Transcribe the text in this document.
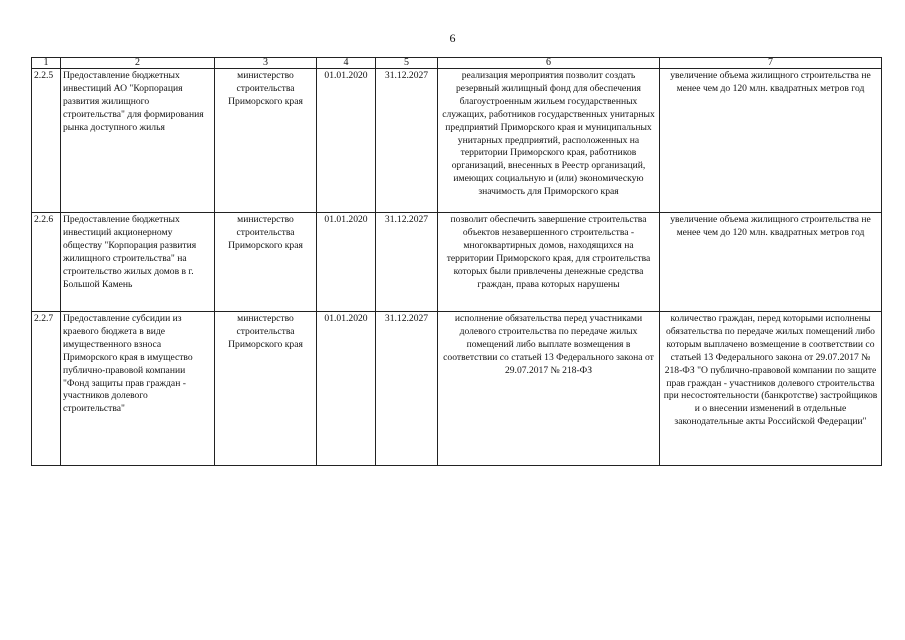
6
1	2	3	4	5	6	7
2.2.5	Предоставление бюджетных инвестиций АО "Корпорация развития жилищного строительства" для формирования рынка доступного жилья	министерство строительства Приморского края	01.01.2020	31.12.2027	реализация мероприятия позволит создать резервный жилищный фонд для обеспечения благоустроенным жильем государственных служащих, работников государственных унитарных предприятий Приморского края и муниципальных унитарных предприятий, расположенных на территории Приморского края, работников организаций, внесенных в Реестр организаций, имеющих социальную и (или) экономическую значимость для Приморского края	увеличение объема жилищного строительства не менее чем до 120 млн. квадратных метров год
2.2.6	Предоставление бюджетных инвестиций акционерному обществу "Корпорация развития жилищного строительства" на строительство жилых домов в г. Большой Камень	министерство строительства Приморского края	01.01.2020	31.12.2027	позволит обеспечить завершение строительства объектов незавершенного строительства - многоквартирных домов, находящихся на территории Приморского края, для строительства которых были привлечены денежные средства граждан, права которых нарушены	увеличение объема жилищного строительства не менее чем до 120 млн. квадратных метров год
2.2.7	Предоставление субсидии из краевого бюджета в виде имущественного взноса Приморского края в имущество публично-правовой компании "Фонд защиты прав граждан - участников долевого строительства"	министерство строительства Приморского края	01.01.2020	31.12.2027	исполнение обязательства перед участниками долевого строительства по передаче жилых помещений либо выплате возмещения в соответствии со статьей 13 Федерального закона от 29.07.2017 № 218-ФЗ	количество граждан, перед которыми исполнены обязательства по передаче жилых помещений либо которым выплачено возмещение в соответствии со статьей 13 Федерального закона от 29.07.2017 № 218-ФЗ "О публично-правовой компании по защите прав граждан - участников долевого строительства при несостоятельности (банкротстве) застройщиков и о внесении изменений в отдельные законодательные акты Российской Федерации"
